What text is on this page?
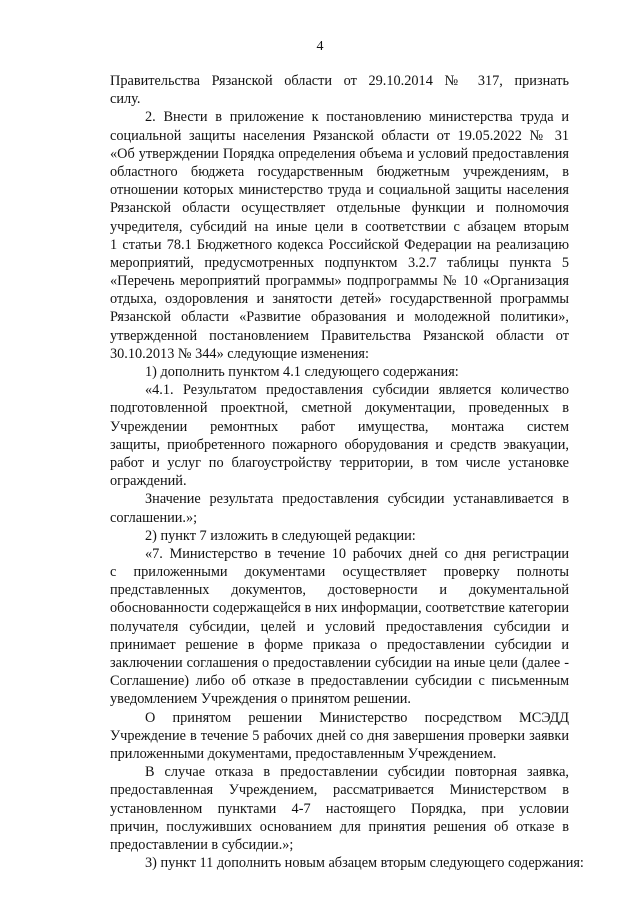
4
Правительства Рязанской области от 29.10.2014 № 317, признать
силу.
2. Внести в приложение к постановлению министерства труда и
социальной защиты населения Рязанской области от 19.05.2022 № 31
«Об утверждении Порядка определения объема и условий предоставления
областного бюджета государственным бюджетным учреждениям, в
отношении которых министерство труда и социальной защиты населения
Рязанской области осуществляет отдельные функции и полномочия
учредителя, субсидий на иные цели в соответствии с абзацем вторым
1 статьи 78.1 Бюджетного кодекса Российской Федерации на реализацию
мероприятий, предусмотренных подпунктом 3.2.7 таблицы пункта 5
«Перечень мероприятий программы» подпрограммы № 10 «Организация
отдыха, оздоровления и занятости детей» государственной программы
Рязанской области «Развитие образования и молодежной политики»,
утвержденной постановлением Правительства Рязанской области от
30.10.2013 № 344» следующие изменения:
1) дополнить пунктом 4.1 следующего содержания:
«4.1. Результатом предоставления субсидии является количество
подготовленной проектной, сметной документации, проведенных в
Учреждении ремонтных работ имущества, монтажа систем
защиты, приобретенного пожарного оборудования и средств эвакуации,
работ и услуг по благоустройству территории, в том числе установке
ограждений.
Значение результата предоставления субсидии устанавливается в
соглашении.»;
2) пункт 7 изложить в следующей редакции:
«7. Министерство в течение 10 рабочих дней со дня регистрации
с приложенными документами осуществляет проверку полноты
представленных документов, достоверности и документальной
обоснованности содержащейся в них информации, соответствие категории
получателя субсидии, целей и условий предоставления субсидии и
принимает решение в форме приказа о предоставлении субсидии и
заключении соглашения о предоставлении субсидии на иные цели (далее -
Соглашение) либо об отказе в предоставлении субсидии с письменным
уведомлением Учреждения о принятом решении.
О принятом решении Министерство посредством МСЭДД
Учреждение в течение 5 рабочих дней со дня завершения проверки заявки
приложенными документами, предоставленным Учреждением.
В случае отказа в предоставлении субсидии повторная заявка,
предоставленная Учреждением, рассматривается Министерством в
установленном пунктами 4-7 настоящего Порядка, при условии
причин, послуживших основанием для принятия решения об отказе в
предоставлении в субсидии.»;
3) пункт 11 дополнить новым абзацем вторым следующего содержания:
